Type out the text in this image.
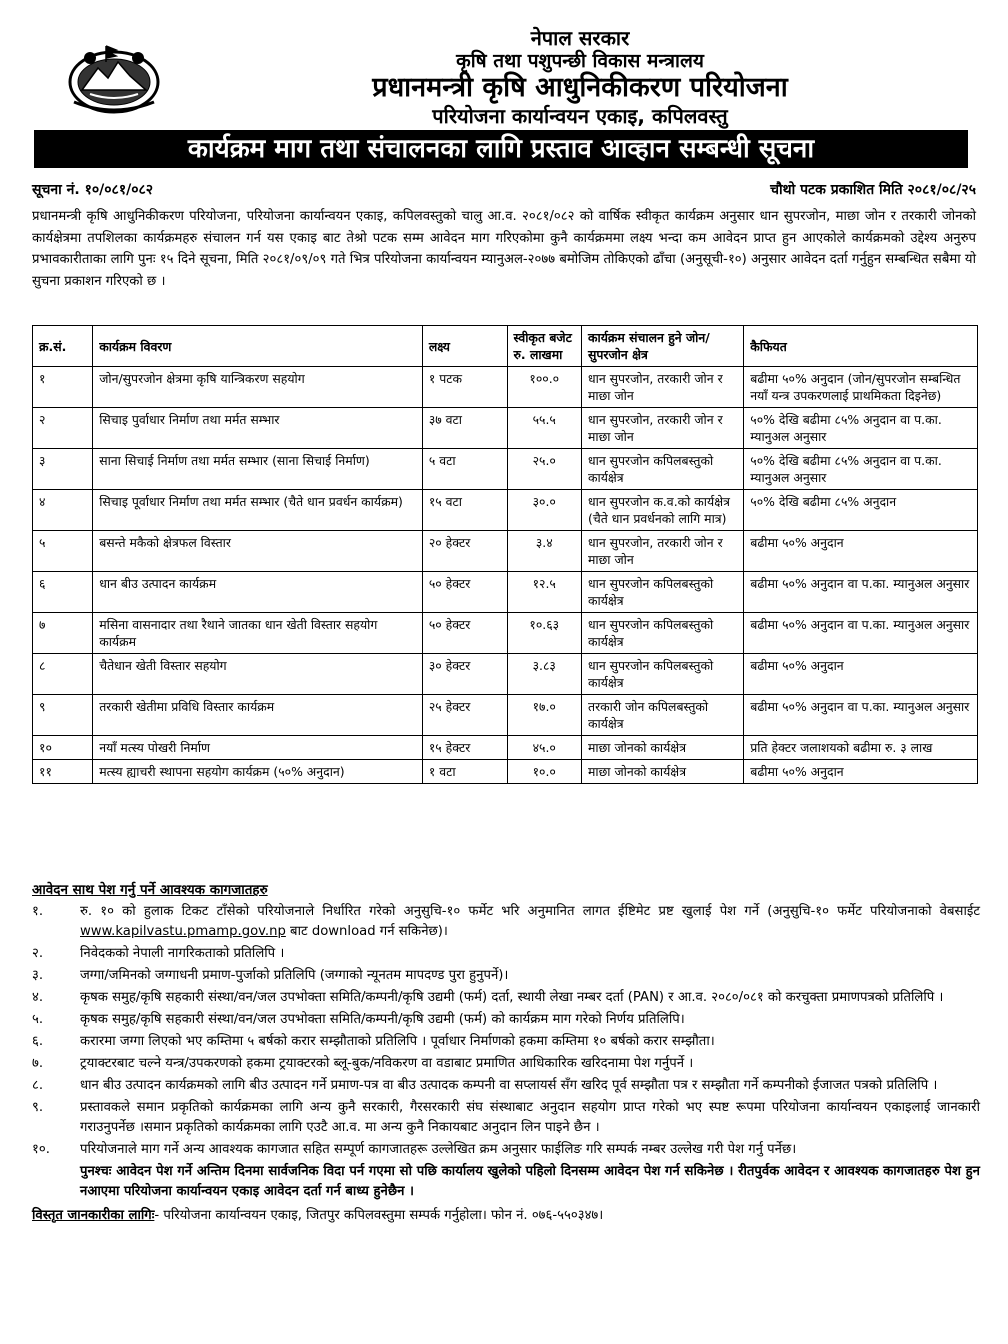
नेपाल सरकार
कृषि तथा पशुपन्छी विकास मन्त्रालय
प्रधानमन्त्री कृषि आधुनिकीकरण परियोजना
परियोजना कार्यान्वयन एकाइ, कपिलवस्तु
कार्यक्रम माग तथा संचालनका लागि प्रस्ताव आव्हान सम्बन्धी सूचना
सूचना नं. १०/०८१/०८२	चौथो पटक प्रकाशित मिति २०८१/०८/२५
प्रधानमन्त्री कृषि आधुनिकीकरण परियोजना, परियोजना कार्यान्वयन एकाइ, कपिलवस्तुको चालु आ.व. २०८१/०८२ को वार्षिक स्वीकृत कार्यक्रम अनुसार धान सुपरजोन, माछा जोन र तरकारी जोनको कार्यक्षेत्रमा तपशिलका कार्यक्रमहरु संचालन गर्न यस एकाइ बाट तेश्रो पटक सम्म आवेदन माग गरिएकोमा कुनै कार्यक्रममा लक्ष्य भन्दा कम आवेदन प्राप्त हुन आएकोले कार्यक्रमको उद्देश्य अनुरुप प्रभावकारीताका लागि पुनः १५ दिने सूचना, मिति २०८१/०९/०९ गते भित्र परियोजना कार्यान्वयन म्यानुअल-२०७७ बमोजिम तोकिएको ढाँचा (अनुसूची-१०) अनुसार आवेदन दर्ता गर्नुहुन सम्बन्धित सबैमा यो सुचना प्रकाशन गरिएको छ ।
क्र.सं.	कार्यक्रम विवरण	लक्ष्य	स्वीकृत बजेट रु. लाखमा	कार्यक्रम संचालन हुने जोन/सुपरजोन क्षेत्र	कैफियत
१	जोन/सुपरजोन क्षेत्रमा कृषि यान्त्रिकरण सहयोग	१ पटक	१००.०	धान सुपरजोन, तरकारी जोन र माछा जोन	बढीमा ५०% अनुदान (जोन/सुपरजोन सम्बन्धित नयाँ यन्त्र उपकरणलाई प्राथमिकता दिइनेछ)
२	सिचाइ पुर्वाधार निर्माण तथा मर्मत सम्भार	३७ वटा	५५.५	धान सुपरजोन, तरकारी जोन र माछा जोन	५०% देखि बढीमा ८५% अनुदान वा प.का. म्यानुअल अनुसार
३	साना सिचाई निर्माण तथा मर्मत सम्भार (साना सिचाई निर्माण)	५ वटा	२५.०	धान सुपरजोन कपिलबस्तुको कार्यक्षेत्र	५०% देखि बढीमा ८५% अनुदान वा प.का. म्यानुअल अनुसार
४	सिचाइ पूर्वाधार निर्माण तथा मर्मत सम्भार (चैते धान प्रवर्धन कार्यक्रम)	१५ वटा	३०.०	धान सुपरजोन क.व.को कार्यक्षेत्र (चैते धान प्रवर्धनको लागि मात्र)	५०% देखि बढीमा ८५% अनुदान
५	बसन्ते मकैको क्षेत्रफल विस्तार	२० हेक्टर	३.४	धान सुपरजोन, तरकारी जोन र माछा जोन	बढीमा ५०% अनुदान
६	धान बीउ उत्पादन कार्यक्रम	५० हेक्टर	१२.५	धान सुपरजोन कपिलबस्तुको कार्यक्षेत्र	बढीमा ५०% अनुदान वा प.का. म्यानुअल अनुसार
७	मसिना वासनादार तथा रैथाने जातका धान खेती विस्तार सहयोग कार्यक्रम	५० हेक्टर	१०.६३	धान सुपरजोन कपिलबस्तुको कार्यक्षेत्र	बढीमा ५०% अनुदान वा प.का. म्यानुअल अनुसार
८	चैतेधान खेती विस्तार सहयोग	३० हेक्टर	३.८३	धान सुपरजोन कपिलबस्तुको कार्यक्षेत्र	बढीमा ५०% अनुदान
९	तरकारी खेतीमा प्रविधि विस्तार कार्यक्रम	२५ हेक्टर	१७.०	तरकारी जोन कपिलबस्तुको कार्यक्षेत्र	बढीमा ५०% अनुदान वा प.का. म्यानुअल अनुसार
१०	नयाँ मत्स्य पोखरी निर्माण	१५ हेक्टर	४५.०	माछा जोनको कार्यक्षेत्र	प्रति हेक्टर जलाशयको बढीमा रु. ३ लाख
११	मत्स्य ह्याचरी स्थापना सहयोग कार्यक्रम (५०% अनुदान)	१ वटा	१०.०	माछा जोनको कार्यक्षेत्र	बढीमा ५०% अनुदान
आवेदन साथ पेश गर्नु पर्ने आवश्यक कागजातहरु
१.	रु. १० को हुलाक टिकट टाँसेको परियोजनाले निर्धारित गरेको अनुसुचि-१० फर्मेट भरि अनुमानित लागत ईष्टिमेट प्रष्ट खुलाई पेश गर्ने (अनुसुचि-१० फर्मेट परियोजनाको वेबसाईट www.kapilvastu.pmamp.gov.np बाट download गर्न सकिनेछ)।
२.	निवेदकको नेपाली नागरिकताको प्रतिलिपि ।
३.	जग्गा/जमिनको जग्गाधनी प्रमाण-पुर्जाको प्रतिलिपि (जग्गाको न्यूनतम मापदण्ड पुरा हुनुपर्ने)।
४.	कृषक समुह/कृषि सहकारी संस्था/वन/जल उपभोक्ता समिति/कम्पनी/कृषि उद्यमी (फर्म) दर्ता, स्थायी लेखा नम्बर दर्ता (PAN) र आ.व. २०८०/०८१ को करचुक्ता प्रमाणपत्रको प्रतिलिपि ।
५.	कृषक समुह/कृषि सहकारी संस्था/वन/जल उपभोक्ता समिति/कम्पनी/कृषि उद्यमी (फर्म) को कार्यक्रम माग गरेको निर्णय प्रतिलिपि।
६.	करारमा जग्गा लिएको भए कम्तिमा ५ बर्षको करार सम्झौताको प्रतिलिपि । पूर्वाधार निर्माणको हकमा कम्तिमा १० बर्षको करार सम्झौता।
७.	ट्रयाक्टरबाट चल्ने यन्त्र/उपकरणको हकमा ट्रयाक्टरको ब्लू-बुक/नविकरण वा वडाबाट प्रमाणित आधिकारिक खरिदनामा पेश गर्नुपर्ने ।
८.	धान बीउ उत्पादन कार्यक्रमको लागि बीउ उत्पादन गर्ने प्रमाण-पत्र वा बीउ उत्पादक कम्पनी वा सप्लायर्स सँग खरिद पूर्व सम्झौता पत्र र सम्झौता गर्ने कम्पनीको ईजाजत पत्रको प्रतिलिपि ।
९.	प्रस्तावकले समान प्रकृतिको कार्यक्रमका लागि अन्य कुनै सरकारी, गैरसरकारी संघ संस्थाबाट अनुदान सहयोग प्राप्त गरेको भए स्पष्ट रूपमा परियोजना कार्यान्वयन एकाइलाई जानकारी गराउनुपर्नेछ ।समान प्रकृतिको कार्यक्रमका लागि एउटै आ.व. मा अन्य कुनै निकायबाट अनुदान लिन पाइने छैन ।
१०.	परियोजनाले माग गर्ने अन्य आवश्यक कागजात सहित सम्पूर्ण कागजातहरू उल्लेखित क्रम अनुसार फाईलिङ गरि सम्पर्क नम्बर उल्लेख गरी पेश गर्नु पर्नेछ।
पुनश्चः आवेदन पेश गर्ने अन्तिम दिनमा सार्वजनिक विदा पर्न गएमा सो पछि कार्यालय खुलेको पहिलो दिनसम्म आवेदन पेश गर्न सकिनेछ । रीतपुर्वक आवेदन र आवश्यक कागजातहरु पेश हुन नआएमा परियोजना कार्यान्वयन एकाइ आवेदन दर्ता गर्न बाध्य हुनेछैन ।
विस्तृत जानकारीका लागिः- परियोजना कार्यान्वयन एकाइ, जितपुर कपिलवस्तुमा सम्पर्क गर्नुहोला। फोन नं. ०७६-५५०३४७।
